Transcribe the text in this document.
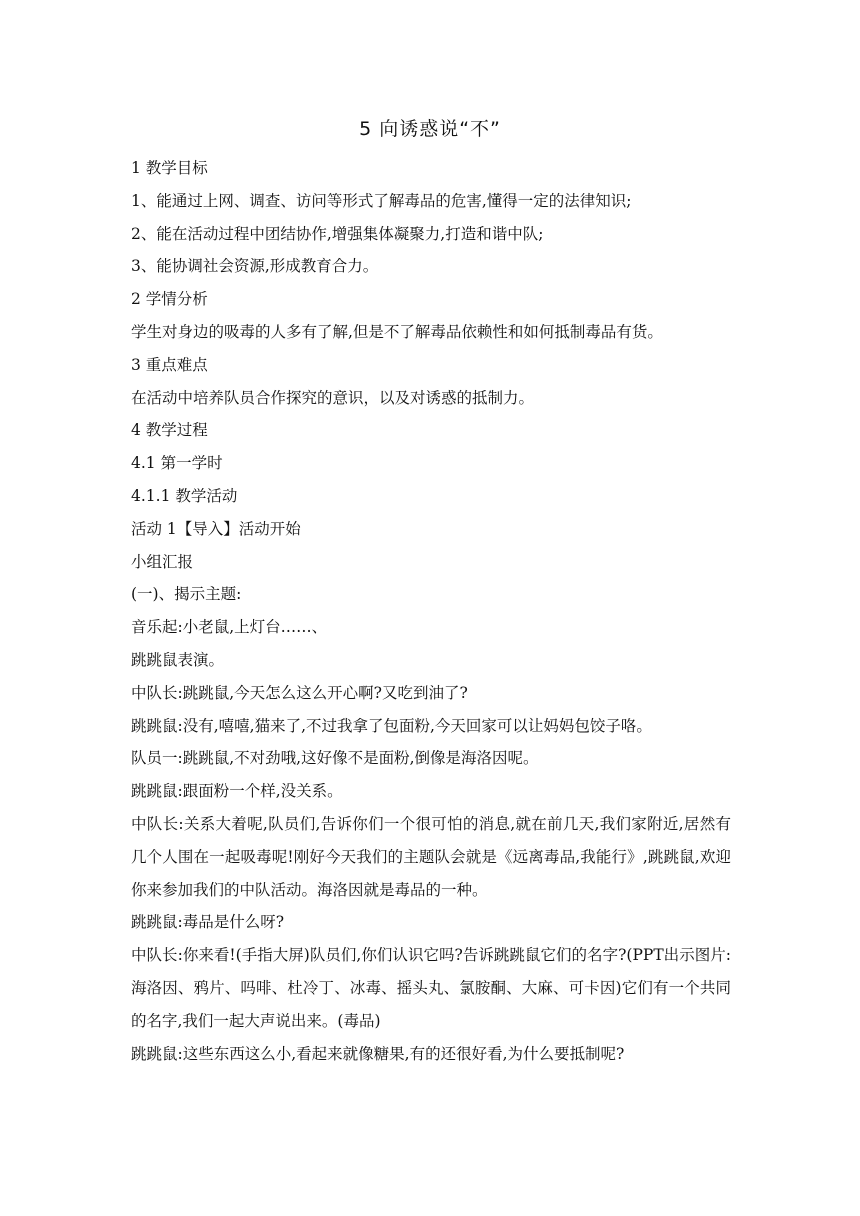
5 向诱惑说“不”
1 教学目标
1、能通过上网、调查、访问等形式了解毒品的危害,懂得一定的法律知识;
2、能在活动过程中团结协作,增强集体凝聚力,打造和谐中队;
3、能协调社会资源,形成教育合力。
2 学情分析
学生对身边的吸毒的人多有了解,但是不了解毒品依赖性和如何抵制毒品有货。
3 重点难点
在活动中培养队员合作探究的意识，以及对诱惑的抵制力。
4 教学过程
4.1 第一学时
4.1.1 教学活动
活动 1【导入】活动开始
小组汇报
(一)、揭示主题:
音乐起:小老鼠,上灯台……、
跳跳鼠表演。
中队长:跳跳鼠,今天怎么这么开心啊?又吃到油了?
跳跳鼠:没有,嘻嘻,猫来了,不过我拿了包面粉,今天回家可以让妈妈包饺子咯。
队员一:跳跳鼠,不对劲哦,这好像不是面粉,倒像是海洛因呢。
跳跳鼠:跟面粉一个样,没关系。
中队长:关系大着呢,队员们,告诉你们一个很可怕的消息,就在前几天,我们家附近,居然有几个人围在一起吸毒呢!刚好今天我们的主题队会就是《远离毒品,我能行》,跳跳鼠,欢迎你来参加我们的中队活动。海洛因就是毒品的一种。
跳跳鼠:毒品是什么呀?
中队长:你来看!(手指大屏)队员们,你们认识它吗?告诉跳跳鼠它们的名字?(PPT出示图片:海洛因、鸦片、吗啡、杜冷丁、冰毒、摇头丸、氯胺酮、大麻、可卡因)它们有一个共同的名字,我们一起大声说出来。(毒品)
跳跳鼠:这些东西这么小,看起来就像糖果,有的还很好看,为什么要抵制呢?
